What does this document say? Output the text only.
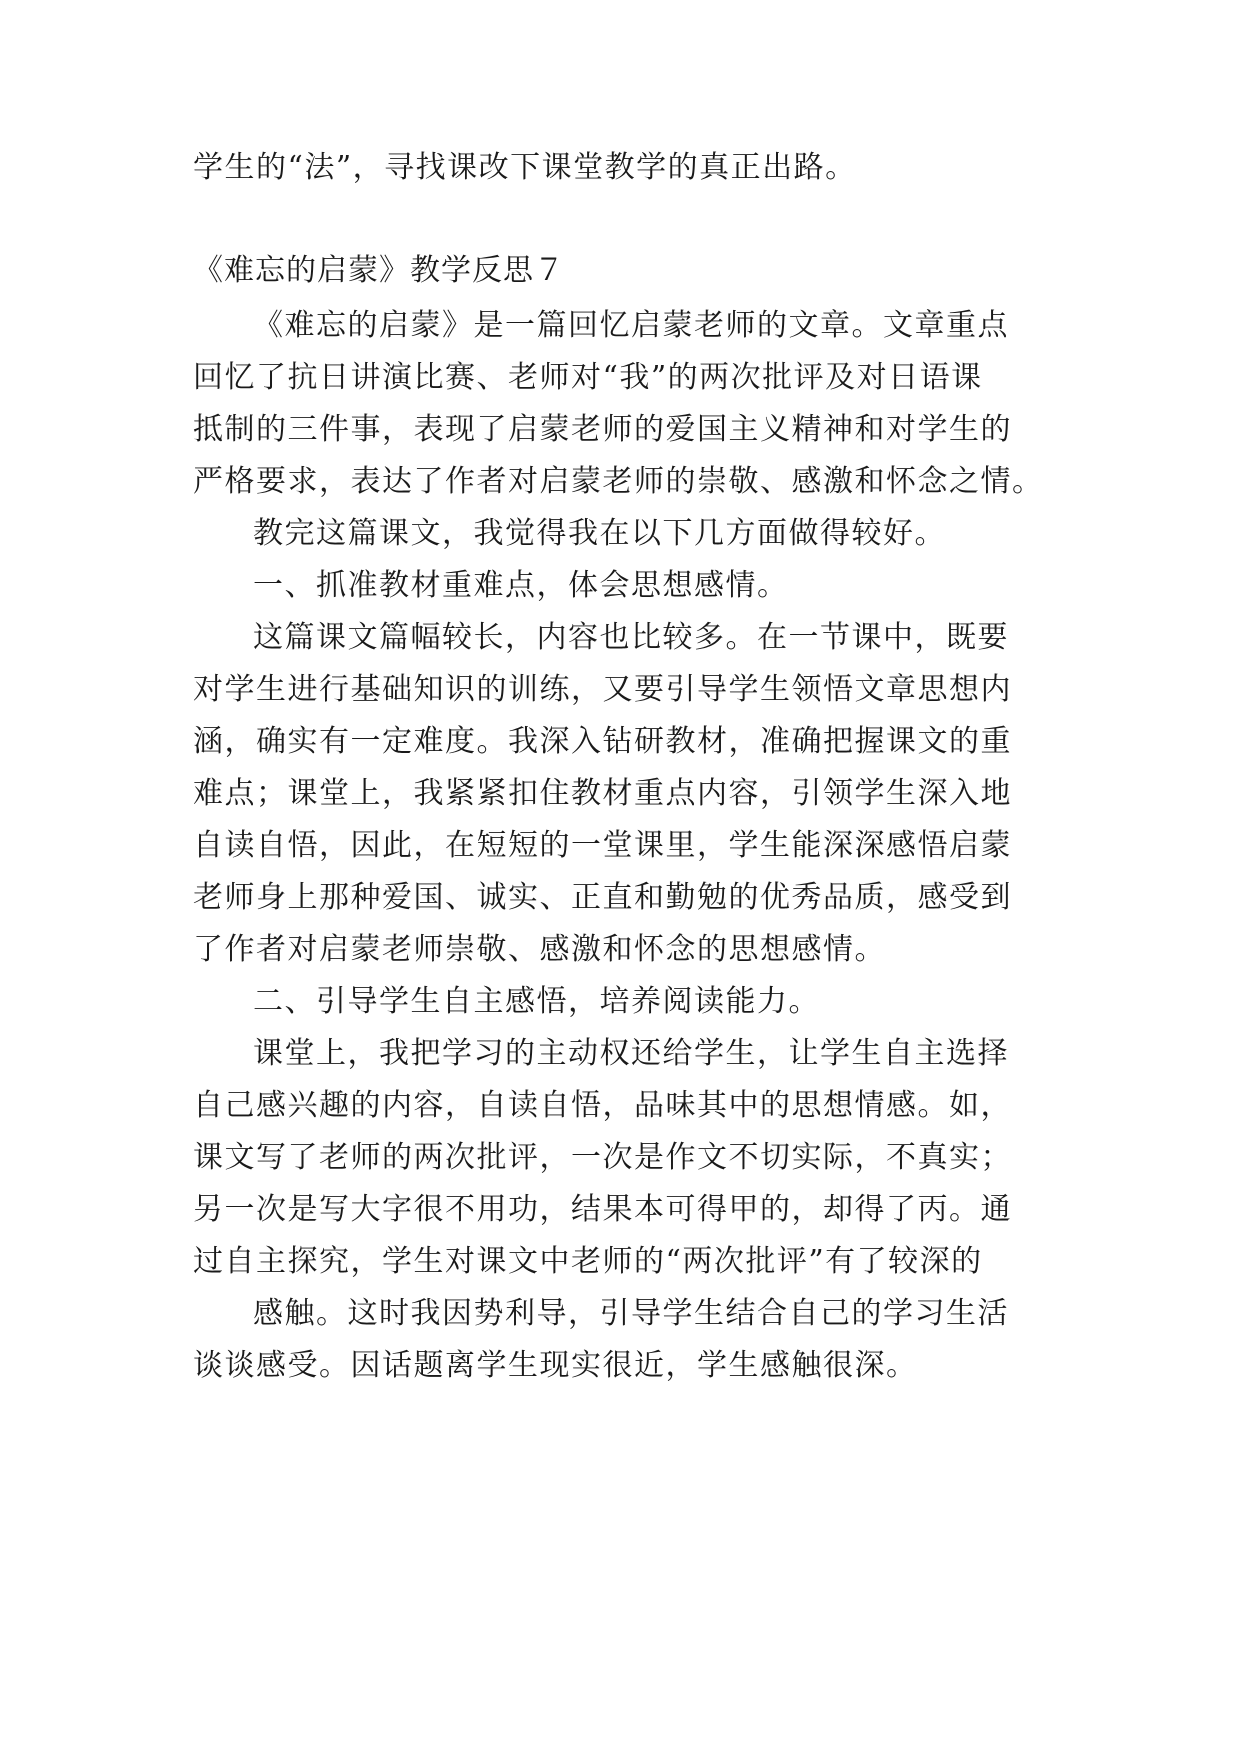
学生的“法”，寻找课改下课堂教学的真正出路。
《难忘的启蒙》教学反思７
《难忘的启蒙》是一篇回忆启蒙老师的文章。文章重点
回忆了抗日讲演比赛、老师对“我”的两次批评及对日语课
抵制的三件事，表现了启蒙老师的爱国主义精神和对学生的
严格要求，表达了作者对启蒙老师的崇敬、感激和怀念之情。
教完这篇课文，我觉得我在以下几方面做得较好。
一、抓准教材重难点，体会思想感情。
这篇课文篇幅较长，内容也比较多。在一节课中，既要
对学生进行基础知识的训练，又要引导学生领悟文章思想内
涵，确实有一定难度。我深入钻研教材，准确把握课文的重
难点；课堂上，我紧紧扣住教材重点内容，引领学生深入地
自读自悟，因此，在短短的一堂课里，学生能深深感悟启蒙
老师身上那种爱国、诚实、正直和勤勉的优秀品质，感受到
了作者对启蒙老师崇敬、感激和怀念的思想感情。
二、引导学生自主感悟，培养阅读能力。
课堂上，我把学习的主动权还给学生，让学生自主选择
自己感兴趣的内容，自读自悟，品味其中的思想情感。如，
课文写了老师的两次批评，一次是作文不切实际，不真实；
另一次是写大字很不用功，结果本可得甲的，却得了丙。通
过自主探究，学生对课文中老师的“两次批评”有了较深的
感触。这时我因势利导，引导学生结合自己的学习生活
谈谈感受。因话题离学生现实很近，学生感触很深。
